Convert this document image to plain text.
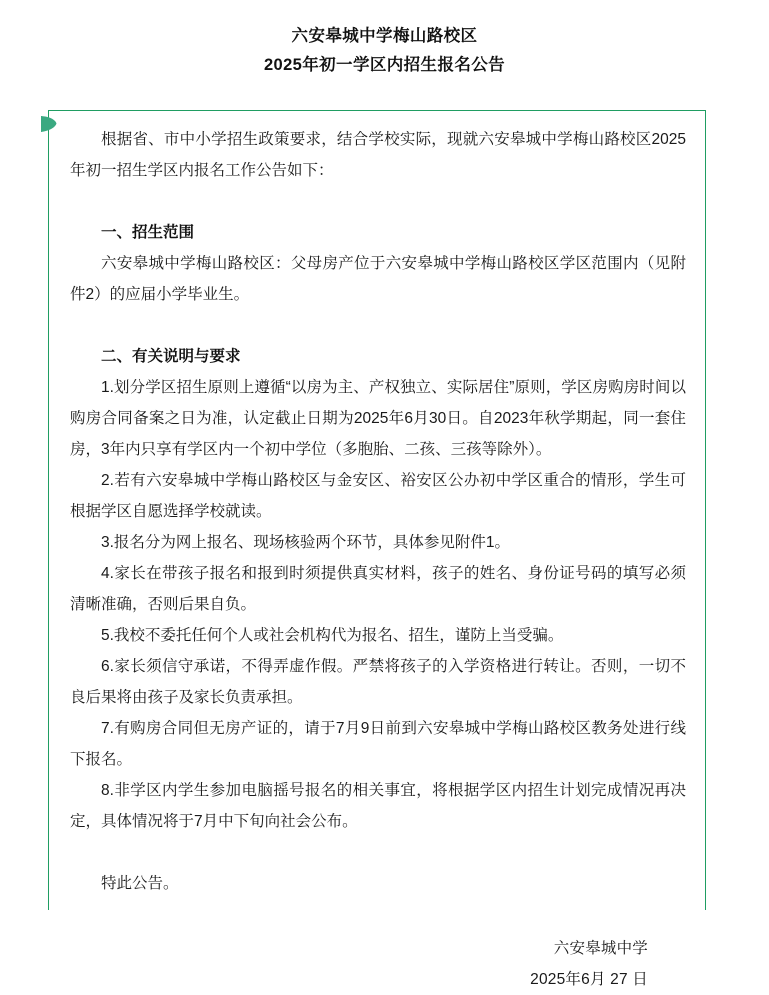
六安皋城中学梅山路校区
2025年初一学区内招生报名公告

根据省、市中小学招生政策要求，结合学校实际，现就六安皋城中学梅山路校区2025年初一招生学区内报名工作公告如下：

一、招生范围

六安皋城中学梅山路校区：父母房产位于六安皋城中学梅山路校区学区范围内（见附件2）的应届小学毕业生。

二、有关说明与要求

1.划分学区招生原则上遵循“以房为主、产权独立、实际居住”原则，学区房购房时间以购房合同备案之日为准，认定截止日期为2025年6月30日。自2023年秋学期起，同一套住房，3年内只享有学区内一个初中学位（多胞胎、二孩、三孩等除外）。

2.若有六安皋城中学梅山路校区与金安区、裕安区公办初中学区重合的情形，学生可根据学区自愿选择学校就读。

3.报名分为网上报名、现场核验两个环节，具体参见附件1。

4.家长在带孩子报名和报到时须提供真实材料，孩子的姓名、身份证号码的填写必须清晰准确，否则后果自负。

5.我校不委托任何个人或社会机构代为报名、招生，谨防上当受骗。

6.家长须信守承诺，不得弄虚作假。严禁将孩子的入学资格进行转让。否则，一切不良后果将由孩子及家长负责承担。

7.有购房合同但无房产证的，请于7月9日前到六安皋城中学梅山路校区教务处进行线下报名。

8.非学区内学生参加电脑摇号报名的相关事宜，将根据学区内招生计划完成情况再决定，具体情况将于7月中下旬向社会公布。

特此公告。

六安皋城中学
2025年6月 27 日
